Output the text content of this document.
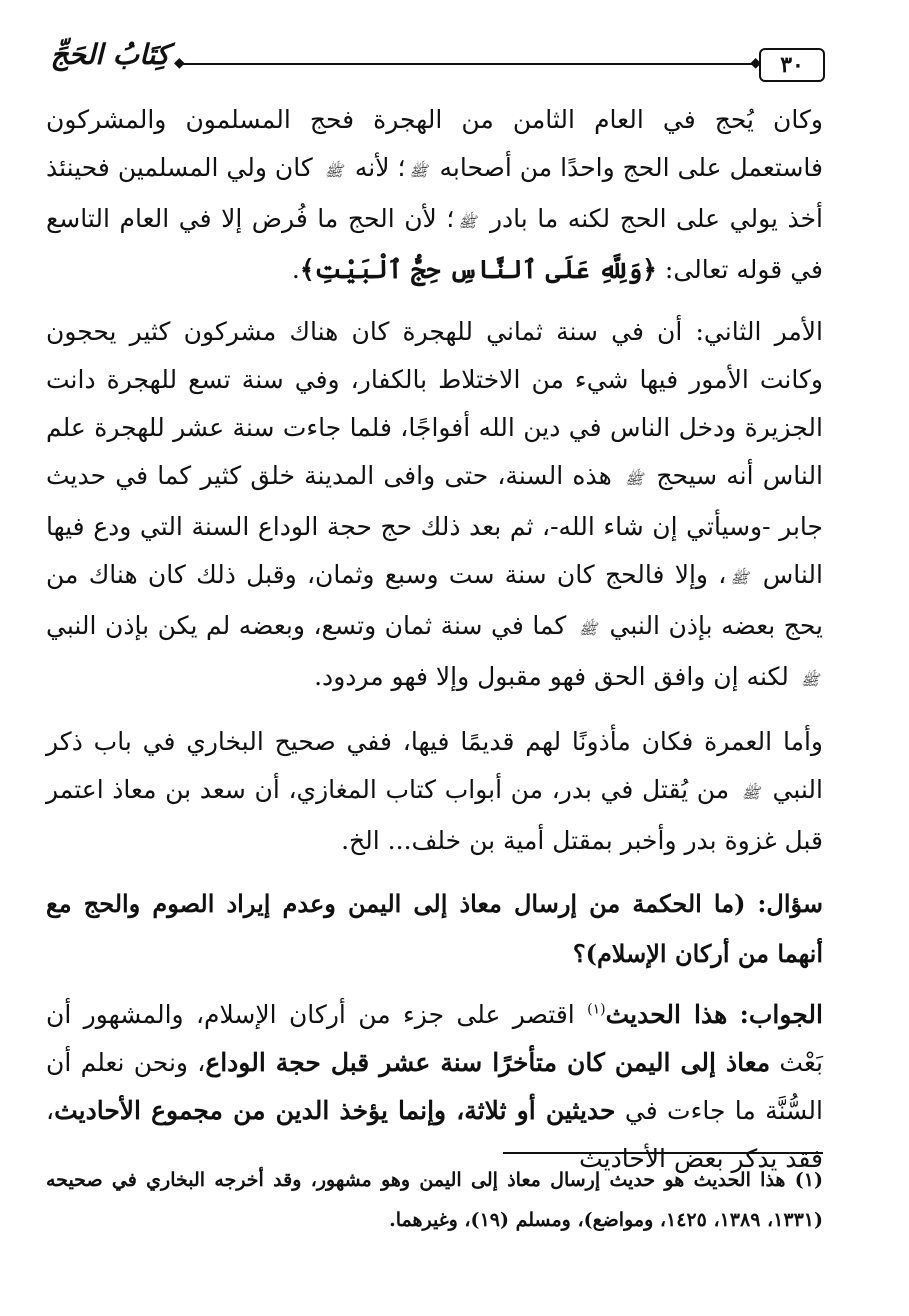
٣٠
◆
◆
كِتَابُ الحَجِّ

وكان يُحج في العام الثامن من الهجرة فحج المسلمون والمشركون فاستعمل على الحج واحدًا من أصحابه ﷺ؛ لأنه ﷺ كان ولي المسلمين فحينئذ أخذ يولي على الحج لكنه ما بادر ﷺ؛ لأن الحج ما فُرض إلا في العام التاسع في قوله تعالى: ﴿وَلِلَّهِ عَلَى ٱلنَّاسِ حِجُّ ٱلْبَيْتِ﴾.

الأمر الثاني: أن في سنة ثماني للهجرة كان هناك مشركون كثير يحجون وكانت الأمور فيها شيء من الاختلاط بالكفار، وفي سنة تسع للهجرة دانت الجزيرة ودخل الناس في دين الله أفواجًا، فلما جاءت سنة عشر للهجرة علم الناس أنه سيحج ﷺ هذه السنة، حتى وافى المدينة خلق كثير كما في حديث جابر -وسيأتي إن شاء الله-، ثم بعد ذلك حج حجة الوداع السنة التي ودع فيها الناس ﷺ، وإلا فالحج كان سنة ست وسبع وثمان، وقبل ذلك كان هناك من يحج بعضه بإذن النبي ﷺ كما في سنة ثمان وتسع، وبعضه لم يكن بإذن النبي ﷺ لكنه إن وافق الحق فهو مقبول وإلا فهو مردود.

وأما العمرة فكان مأذونًا لهم قديمًا فيها، ففي صحيح البخاري في باب ذكر النبي ﷺ من يُقتل في بدر، من أبواب كتاب المغازي، أن سعد بن معاذ اعتمر قبل غزوة بدر وأخبر بمقتل أمية بن خلف... الخ.

سؤال: (ما الحكمة من إرسال معاذ إلى اليمن وعدم إيراد الصوم والحج مع أنهما من أركان الإسلام)؟

الجواب: هذا الحديث$^{(١)}$ اقتصر على جزء من أركان الإسلام، والمشهور أن بَعْث معاذ إلى اليمن كان متأخرًا سنة عشر قبل حجة الوداع، ونحن نعلم أن السُّنَّة ما جاءت في حديثين أو ثلاثة، وإنما يؤخذ الدين من مجموع الأحاديث، فقد يذكر بعض الأحاديث

(١) هذا الحديث هو حديث إرسال معاذ إلى اليمن وهو مشهور، وقد أخرجه البخاري في صحيحه (١٣٣١، ١٣٨٩، ١٤٢٥، ومواضع)، ومسلم (١٩)، وغيرهما.
